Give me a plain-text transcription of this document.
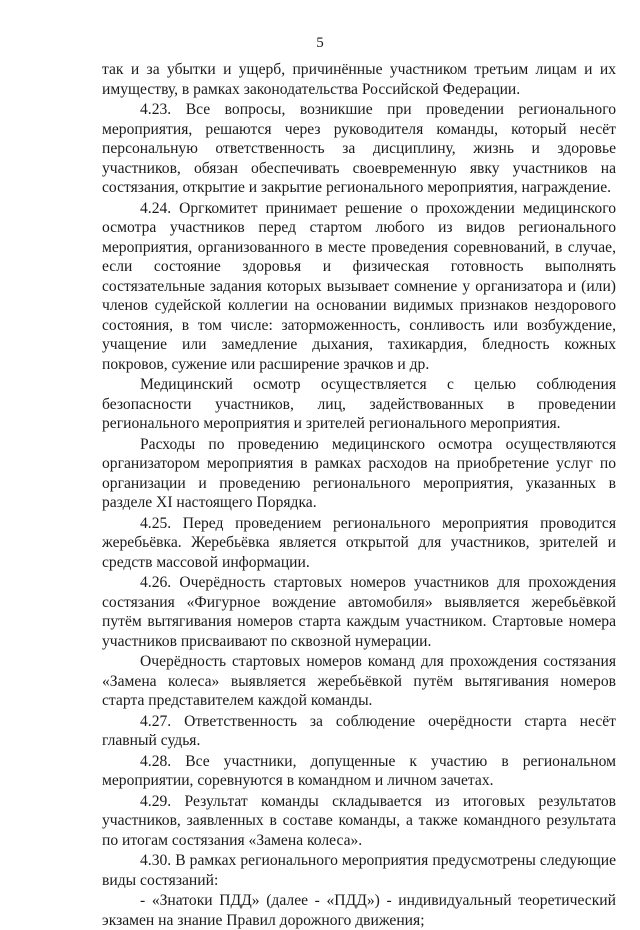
5

так и за убытки и ущерб, причинённые участником третьим лицам и их имуществу, в рамках законодательства Российской Федерации.

4.23. Все вопросы, возникшие при проведении регионального мероприятия, решаются через руководителя команды, который несёт персональную ответственность за дисциплину, жизнь и здоровье участников, обязан обеспечивать своевременную явку участников на состязания, открытие и закрытие регионального мероприятия, награждение.

4.24. Оргкомитет принимает решение о прохождении медицинского осмотра участников перед стартом любого из видов регионального мероприятия, организованного в месте проведения соревнований, в случае, если состояние здоровья и физическая готовность выполнять состязательные задания которых вызывает сомнение у организатора и (или) членов судейской коллегии на основании видимых признаков нездорового состояния, в том числе: заторможенность, сонливость или возбуждение, учащение или замедление дыхания, тахикардия, бледность кожных покровов, сужение или расширение зрачков и др.

Медицинский осмотр осуществляется с целью соблюдения безопасности участников, лиц, задействованных в проведении регионального мероприятия и зрителей регионального мероприятия.

Расходы по проведению медицинского осмотра осуществляются организатором мероприятия в рамках расходов на приобретение услуг по организации и проведению регионального мероприятия, указанных в разделе XI настоящего Порядка.

4.25. Перед проведением регионального мероприятия проводится жеребьёвка. Жеребьёвка является открытой для участников, зрителей и средств массовой информации.

4.26. Очерёдность стартовых номеров участников для прохождения состязания «Фигурное вождение автомобиля» выявляется жеребьёвкой путём вытягивания номеров старта каждым участником. Стартовые номера участников присваивают по сквозной нумерации.

Очерёдность стартовых номеров команд для прохождения состязания «Замена колеса» выявляется жеребьёвкой путём вытягивания номеров старта представителем каждой команды.

4.27. Ответственность за соблюдение очерёдности старта несёт главный судья.

4.28. Все участники, допущенные к участию в региональном мероприятии, соревнуются в командном и личном зачетах.

4.29. Результат команды складывается из итоговых результатов участников, заявленных в составе команды, а также командного результата по итогам состязания «Замена колеса».

4.30. В рамках регионального мероприятия предусмотрены следующие виды состязаний:

- «Знатоки ПДД» (далее - «ПДД») - индивидуальный теоретический экзамен на знание Правил дорожного движения;
